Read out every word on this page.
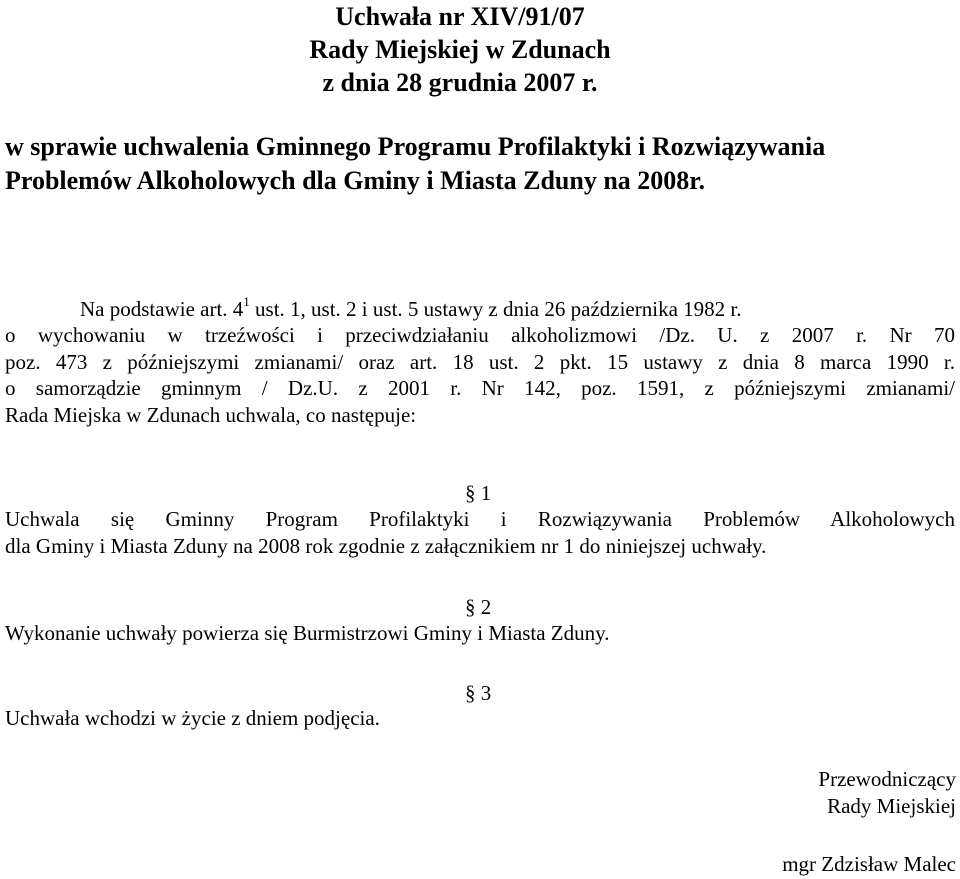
Uchwała nr XIV/91/07
Rady Miejskiej w Zdunach
z dnia 28 grudnia 2007 r.
w sprawie uchwalenia Gminnego Programu Profilaktyki i Rozwiązywania
Problemów Alkoholowych dla Gminy i Miasta Zduny na 2008r.
Na podstawie art. $4^1$ ust. 1, ust. 2 i ust. 5 ustawy z dnia 26 października 1982 r.
o wychowaniu w trzeźwości i przeciwdziałaniu alkoholizmowi /Dz. U. z 2007 r. Nr 70
poz. 473 z późniejszymi zmianami/ oraz art. 18 ust. 2 pkt. 15 ustawy z dnia 8 marca 1990 r.
o samorządzie gminnym / Dz.U. z 2001 r. Nr 142, poz. 1591, z późniejszymi zmianami/
Rada Miejska w Zdunach uchwala, co następuje:
§ 1
Uchwala się Gminny Program Profilaktyki i Rozwiązywania Problemów Alkoholowych
dla Gminy i Miasta Zduny na 2008 rok zgodnie z załącznikiem nr 1 do niniejszej uchwały.
§ 2
Wykonanie uchwały powierza się Burmistrzowi Gminy i Miasta Zduny.
§ 3
Uchwała wchodzi w życie z dniem podjęcia.
Przewodniczący
Rady Miejskiej
mgr Zdzisław Malec
